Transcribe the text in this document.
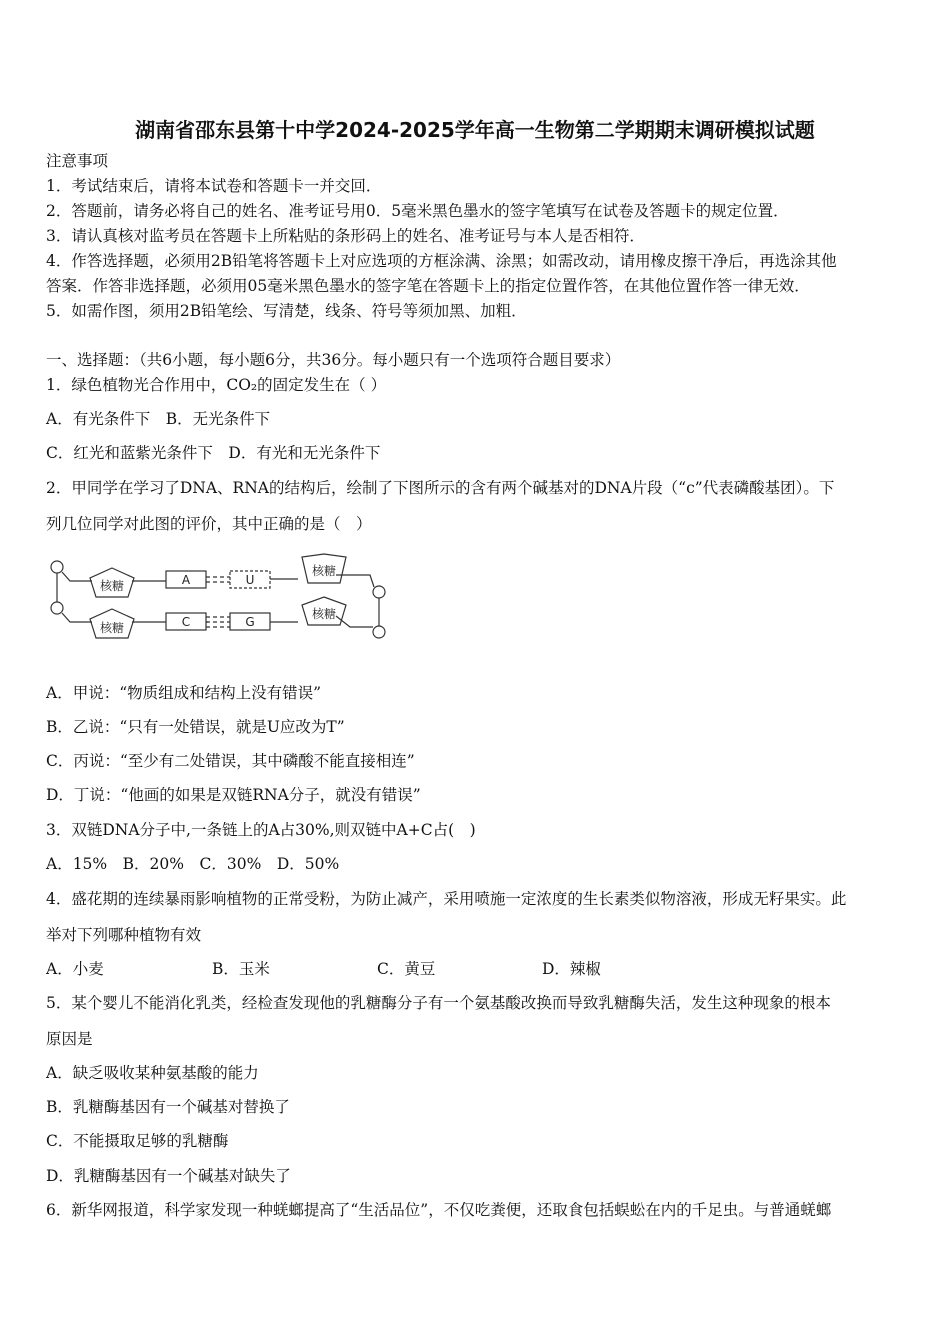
湖南省邵东县第十中学2024-2025学年高一生物第二学期期末调研模拟试题
注意事项
1．考试结束后，请将本试卷和答题卡一并交回．
2．答题前，请务必将自己的姓名、准考证号用0．5毫米黑色墨水的签字笔填写在试卷及答题卡的规定位置．
3．请认真核对监考员在答题卡上所粘贴的条形码上的姓名、准考证号与本人是否相符．
4．作答选择题，必须用2B铅笔将答题卡上对应选项的方框涂满、涂黑；如需改动，请用橡皮擦干净后，再选涂其他
答案．作答非选择题，必须用05毫米黑色墨水的签字笔在答题卡上的指定位置作答，在其他位置作答一律无效．
5．如需作图，须用2B铅笔绘、写清楚，线条、符号等须加黑、加粗．
一、选择题：（共6小题，每小题6分，共36分。每小题只有一个选项符合题目要求）
1．绿色植物光合作用中，CO₂的固定发生在（ ）
A．有光条件下　 B．无光条件下
C．红光和蓝紫光条件下　 D．有光和无光条件下
2．甲同学在学习了DNA、RNA的结构后，绘制了下图所示的含有两个碱基对的DNA片段（“c”代表磷酸基团）。下
列几位同学对此图的评价，其中正确的是（　）
核糖
核糖
核糖
核糖
A	U
C	G
A．甲说：“物质组成和结构上没有错误”
B．乙说：“只有一处错误，就是U应改为T”
C．丙说：“至少有二处错误，其中磷酸不能直接相连”
D．丁说：“他画的如果是双链RNA分子，就没有错误”
3．双链DNA分子中,一条链上的A占30%,则双链中A+C占(　)
A．15%　 B．20%　 C．30%　 D．50%
4．盛花期的连续暴雨影响植物的正常受粉，为防止减产，采用喷施一定浓度的生长素类似物溶液，形成无籽果实。此
举对下列哪种植物有效
A．小麦	B．玉米	C．黄豆	D．辣椒
5．某个婴儿不能消化乳类，经检查发现他的乳糖酶分子有一个氨基酸改换而导致乳糖酶失活，发生这种现象的根本
原因是
A．缺乏吸收某种氨基酸的能力
B．乳糖酶基因有一个碱基对替换了
C．不能摄取足够的乳糖酶
D．乳糖酶基因有一个碱基对缺失了
6．新华网报道，科学家发现一种蜣螂提高了“生活品位”，不仅吃粪便，还取食包括蜈蚣在内的千足虫。与普通蜣螂
